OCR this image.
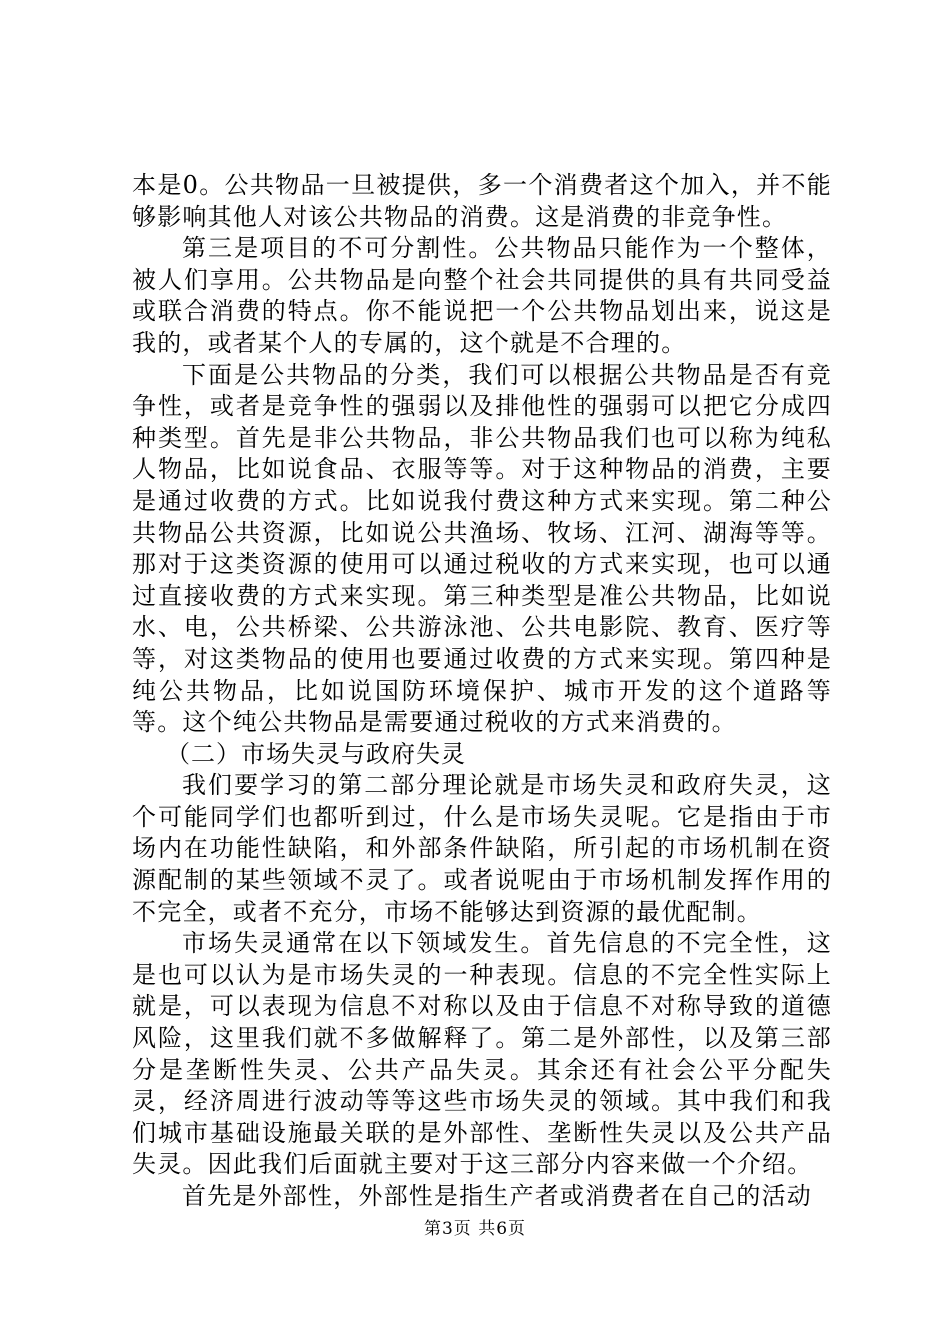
本是0。公共物品一旦被提供，多一个消费者这个加入，并不能够影响其他人对该公共物品的消费。这是消费的非竞争性。

第三是项目的不可分割性。公共物品只能作为一个整体，被人们享用。公共物品是向整个社会共同提供的具有共同受益或联合消费的特点。你不能说把一个公共物品划出来，说这是我的，或者某个人的专属的，这个就是不合理的。

下面是公共物品的分类，我们可以根据公共物品是否有竞争性，或者是竞争性的强弱以及排他性的强弱可以把它分成四种类型。首先是非公共物品，非公共物品我们也可以称为纯私人物品，比如说食品、衣服等等。对于这种物品的消费，主要是通过收费的方式。比如说我付费这种方式来实现。第二种公共物品公共资源，比如说公共渔场、牧场、江河、湖海等等。那对于这类资源的使用可以通过税收的方式来实现，也可以通过直接收费的方式来实现。第三种类型是准公共物品，比如说水、电，公共桥梁、公共游泳池、公共电影院、教育、医疗等等，对这类物品的使用也要通过收费的方式来实现。第四种是纯公共物品，比如说国防环境保护、城市开发的这个道路等等。这个纯公共物品是需要通过税收的方式来消费的。

（二）市场失灵与政府失灵

我们要学习的第二部分理论就是市场失灵和政府失灵，这个可能同学们也都听到过，什么是市场失灵呢。它是指由于市场内在功能性缺陷，和外部条件缺陷，所引起的市场机制在资源配制的某些领域不灵了。或者说呢由于市场机制发挥作用的不完全，或者不充分，市场不能够达到资源的最优配制。

市场失灵通常在以下领域发生。首先信息的不完全性，这是也可以认为是市场失灵的一种表现。信息的不完全性实际上就是，可以表现为信息不对称以及由于信息不对称导致的道德风险，这里我们就不多做解释了。第二是外部性，以及第三部分是垄断性失灵、公共产品失灵。其余还有社会公平分配失灵，经济周进行波动等等这些市场失灵的领域。其中我们和我们城市基础设施最关联的是外部性、垄断性失灵以及公共产品失灵。因此我们后面就主要对于这三部分内容来做一个介绍。

首先是外部性，外部性是指生产者或消费者在自己的活动

第3页 共6页
